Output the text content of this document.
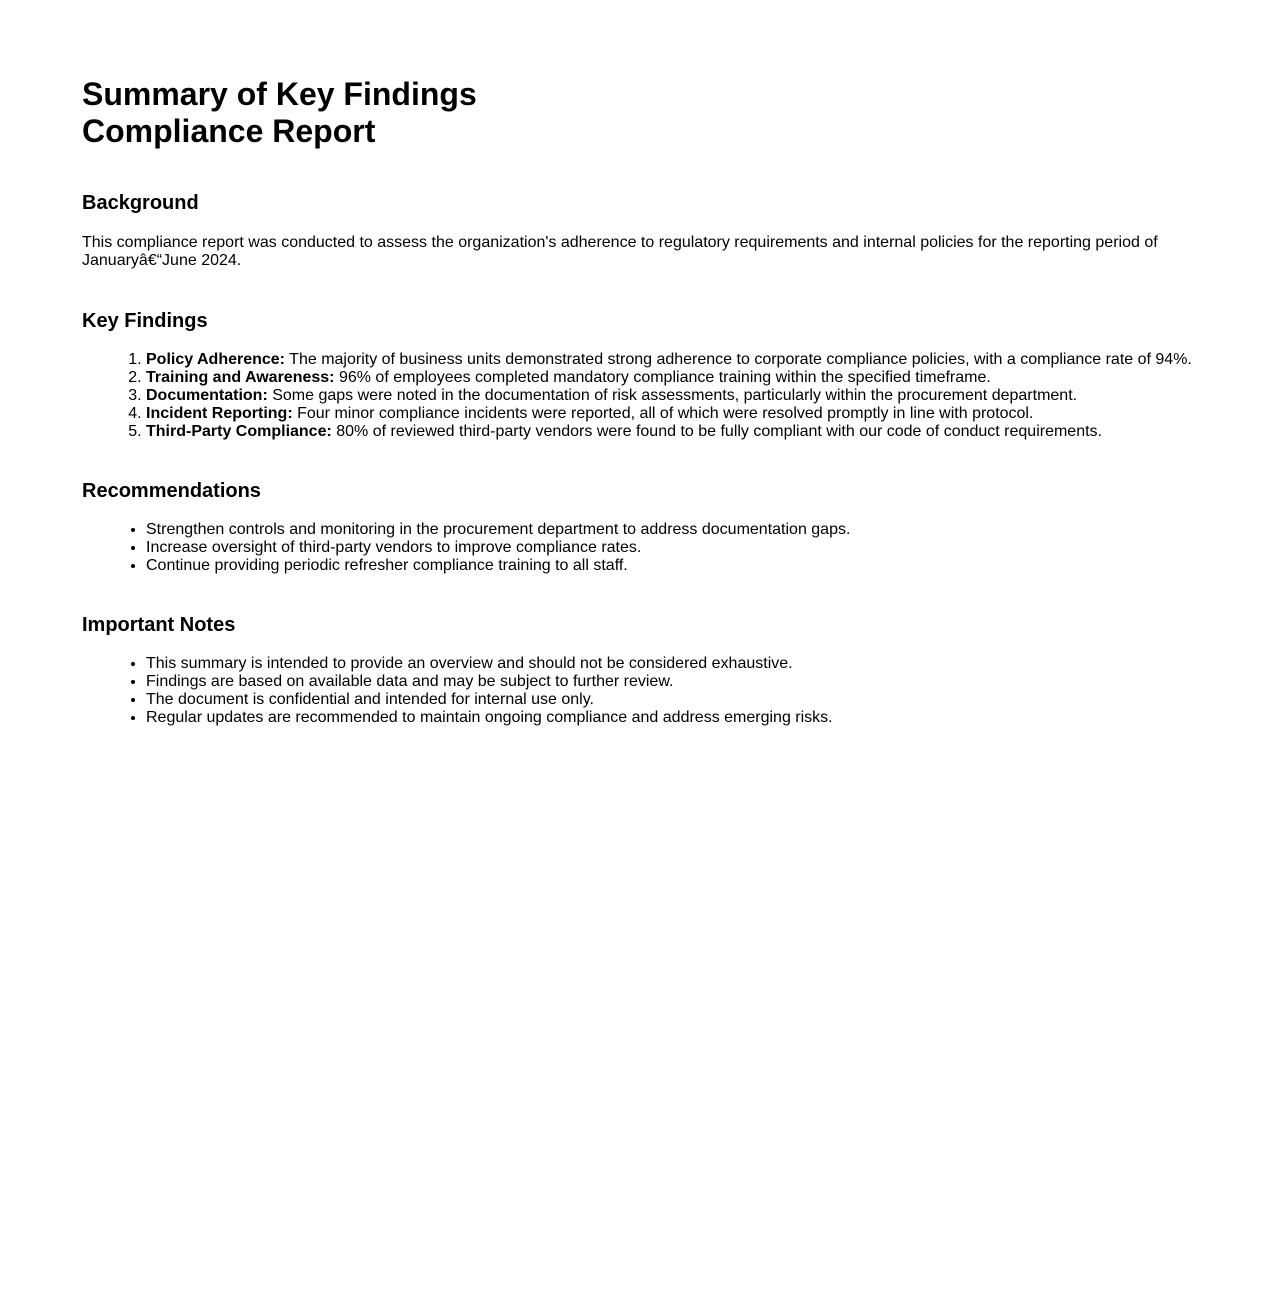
Summary of Key Findings
Compliance Report
Background

This compliance report was conducted to assess the organization's adherence to regulatory requirements and internal policies for the reporting period of Januaryâ€“June 2024.

Key Findings
1. Policy Adherence: The majority of business units demonstrated strong adherence to corporate compliance policies, with a compliance rate of 94%.
2. Training and Awareness: 96% of employees completed mandatory compliance training within the specified timeframe.
3. Documentation: Some gaps were noted in the documentation of risk assessments, particularly within the procurement department.
4. Incident Reporting: Four minor compliance incidents were reported, all of which were resolved promptly in line with protocol.
5. Third-Party Compliance: 80% of reviewed third-party vendors were found to be fully compliant with our code of conduct requirements.
Recommendations
• Strengthen controls and monitoring in the procurement department to address documentation gaps.
• Increase oversight of third-party vendors to improve compliance rates.
• Continue providing periodic refresher compliance training to all staff.
Important Notes
• This summary is intended to provide an overview and should not be considered exhaustive.
• Findings are based on available data and may be subject to further review.
• The document is confidential and intended for internal use only.
• Regular updates are recommended to maintain ongoing compliance and address emerging risks.
